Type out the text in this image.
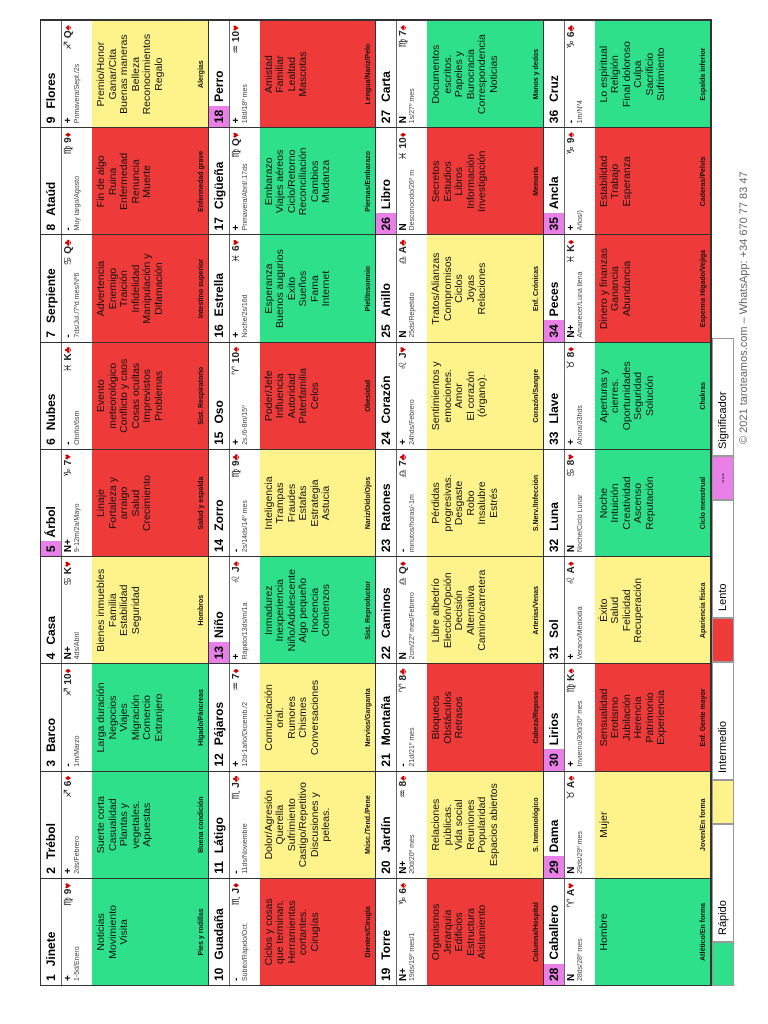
1
Jinete
+
♍ 9♥
1-5d/Enero
Noticias Movimiento Visita	Pies y rodillas
2
Trébol
+
♐ 6♦
2ds/Febrero
Suerte corta Casualidad Plantas y vegetales. Apuestas	Buena condición
3
Barco
-
♐ 10♦
1m/Marzo Larga duración Negocios Viajes Migración Comercio Extranjero	Hígado/Páncreas
4
Casa
N+
♋ K♥
4ds/Abril Bienes inmuebles Familia Estabilidad Seguridad	Hombros
5
Árbol
N+
♑ 7♥
9-12m/2a/Mayo
Linaje Fortaleza y arraigo Salud Crecimiento	Salud y espalda
6
Nubes
-
♓ K♣
Otoño/6sm
Evento meteorológico Conflicto y caos Cosas ocultas Imprevistos Problemas	Sist. Respiratorio
7
Serpiente
-
♋ Q♣
7ds/Jul./7ºd mes/Nº6 Advertencia Enemigo Traición Infidelidad Manipulación y Difamación	Intestino superior
8
Ataúd
-
♍ 9♦
Muy largo/Agosto Fin de algo Ruina Enfermedad Renuncia Muerte	Enfermedad grave
9
Flores
+
♐ Q♠
Primavera/Sept./2s Premio/Honor Ganar/Cita Buenas maneras Belleza Reconocimientos Regalo	Alergias
10
Guadaña
-
♏ J♦
Súbito/Rápido/Oct. Ciclos y cosas que terminan. Herramientas cortantes. Cirugías	Dientes/Cirugía
11
Látigo
-
♏ J♣
11ds/Noviembre Dolor/Agresión Querella Sufrimiento Castigo/Repetitivo Discusiones y peleas.	Músc./Tend./Pene
12
Pájaros
+
♒ 7♦
12d-1año/Diciemb./2 Comunicación oral. Rumores Chismes Conversaciones	Nervios/Garganta
13
Niño
+
♌ J♠
Rápido/13ds/m/1a Inmadurez Inexperiencia Niño/Adolescente Algo pequeño Inocencia Comienzos	Sist. Reproductor
14
Zorro
-
♍ 9♣
2s/14ds/14º mes Inteligencia Trampas Fraudes Estafas Estrategia Astucia	Nariz/Oído/Ojos
15
Oso
+
♈ 10♠
2s./6-8m/15º
Poder/Jefe Influencia Autoridad Paterfamilia Celos	Obesidad
16
Estrella
+
♓ 6♥
Noche/2s/16d
Esperanza Buenos augurios Éxito Sueños Fama Internet	Piel/Insomnio
17
Cigüeña
+
♍ Q♥
Primavera/Abril/.17ds Embarazo Viajes aéreos Ciclo/Retorno Reconciliación Cambios Mudanza	Piernas/Embarazo
18
Perro
+
♒ 10♥
18d/18º mes
Amistad Familiar Lealtad Mascotas	Lengua/Nariz/Pelo
19
Torre
N+
♑ 6♠
19ds/19º mes/1 Organismos Jerarquía Edificios Estructura Aislamiento	Columna/Hospital
20
Jardín
N+
♒ 8♠
20d/20º mes
Relaciones públicas. Vida social Reuniones Popularidad Espacios abiertos	S. Inmunológico
21
Montaña
-
♈ 8♣
21d/21º mes
Bloqueos Obstáculos Retrasos	Cabeza/Reposo
22
Caminos
N
♎ Q♦
2cm/22º mes/Febrero Libre albedrío Elección/Opción Decisión Alternativa Camino/carretera	Arterias/Venas
23
Ratones
-
♎ 7♣
minutos/horas/-1m Pérdidas progresivas. Desgaste Robo Insalubre Estrés	S.Nerv./Infección
24
Corazón
+
♌ J♥
24hds/Febrero Sentimientos y emociones. Amor El corazón (órgano).	Corazón/Sangre
25
Anillo
N
♎ A♣
25ds/Repetido Tratos/Alianzas Compromisos Ciclos Joyas Relaciones	Enf. Crónicas
26
Libro
N
♓ 10♦
Desconocido/26º m Secretos Estudios Libros Información Investigación	Memoria
27
Carta
N
♍ 7♠
1s/27º mes
Documentos escritos. Papeles y Burocracia Correspondencia Noticias	Manos y dedos
28
Caballero
N
♈ A♥
28ds/28º mes
Hombre	Atlético/En forma
29
Dama
N
♉ A♠
29ds/29º mes
Mujer	Joven/En forma
30
Lirios
+
♍ K♠
Invierno/30d/30º mes Sensualidad Erotismo Jubilación Herencia Patrimonio Experiencia	Enf. Gente mayor
31
Sol
+
♌ A♦
Verano/Mediodía Éxito Salud Felicidad Recuperación	Apariencia física
32
Luna
N
♋ 8♥
Noche/Ciclo Lunar Noche Intuición Creatividad Ascenso Reputación	Ciclo menstrual
33
Llave
+
♉ 8♦
Ahora/33hds
Aperturas y cierres. Oportunidades Seguridad Solución	Chakras
34
Peces
N+
♓ K♦
Amanecer/Luna llena Dinero y finanzas Ganancia Abundancia	Esperma Hígado/Vejiga
35
Ancla
+
♑ 9♠
Años/)
Estabilidad Trabajo Esperanza	Caderas/Pelvis
36
Cruz
-
♑ 6♣
1m/Nº4
Lo espiritual Religión Final doloroso Culpa Sacrificio Sufrimiento	Espalda inferior
Rápido
Intermedio
Lento
---
Significador © 2021 taroteamos.com – WhatsApp: +34 670 77 83 47
